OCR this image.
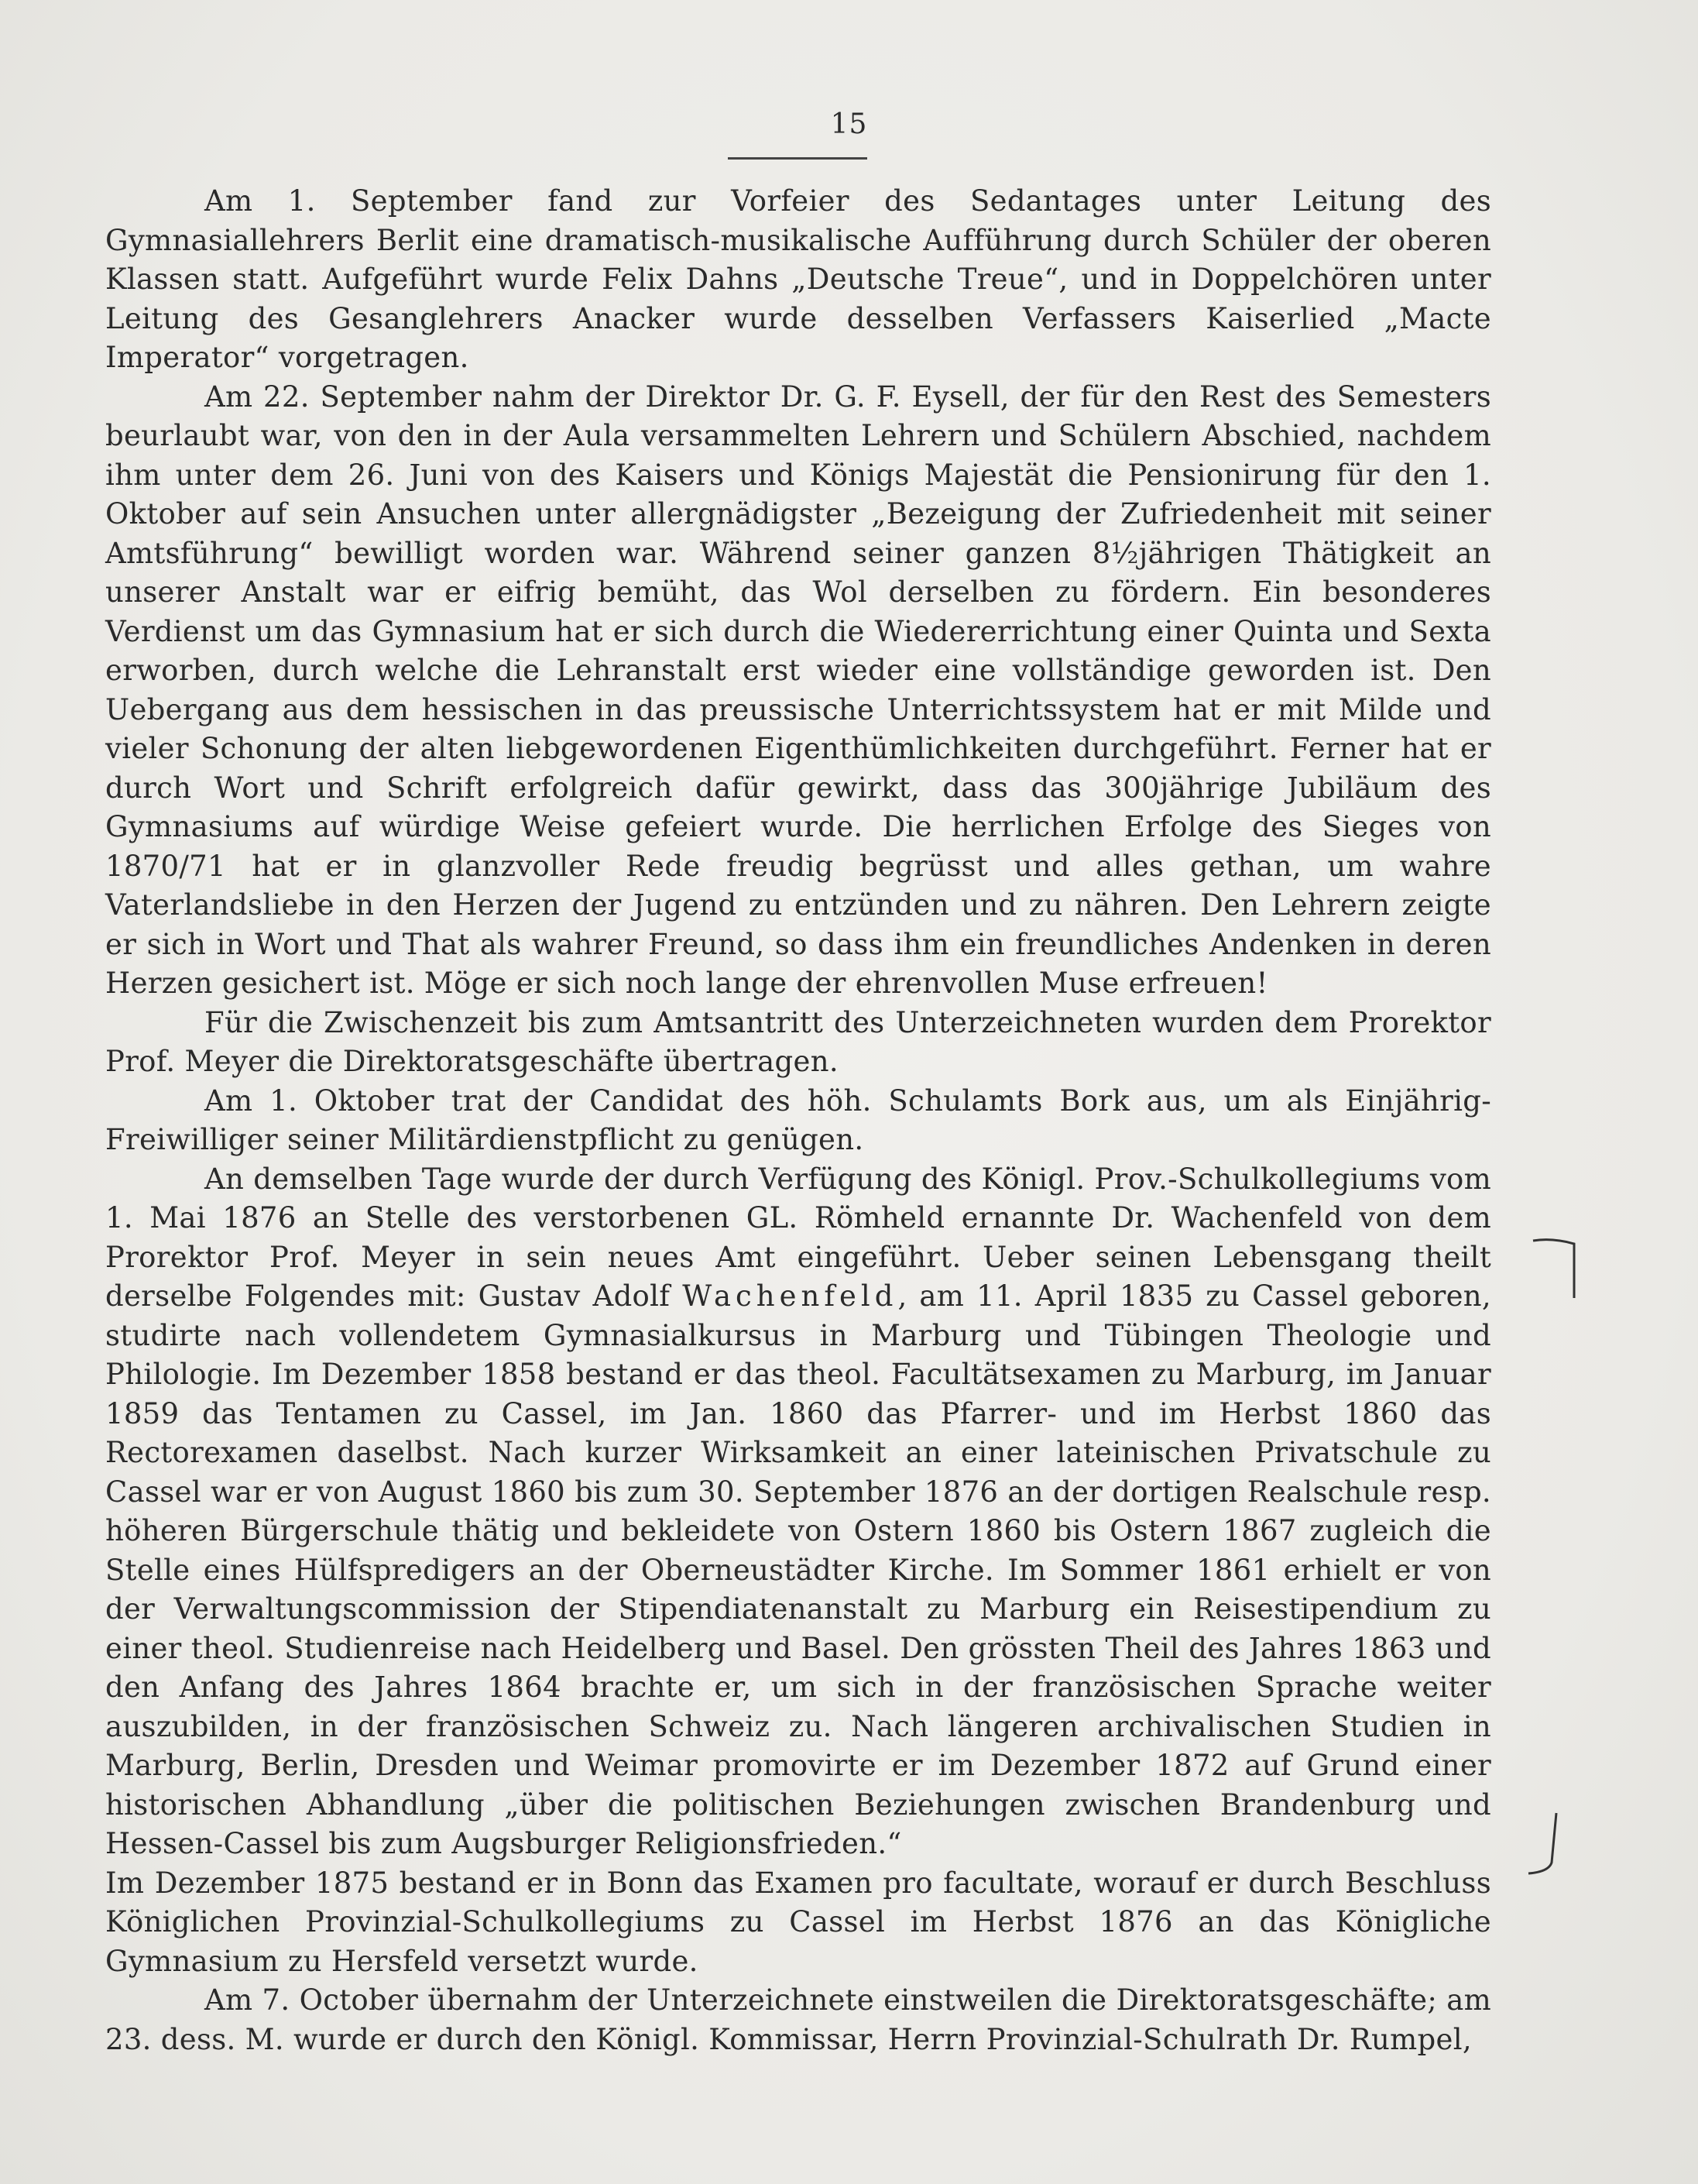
15

Am 1. September fand zur Vorfeier des Sedantages unter Leitung des Gymnasiallehrers Berlit eine dramatisch-musikalische Aufführung durch Schüler der oberen Klassen statt. Aufgeführt wurde Felix Dahns „Deutsche Treue“, und in Doppelchören unter Leitung des Gesanglehrers Anacker wurde desselben Verfassers Kaiserlied „Macte Imperator“ vorgetragen.

Am 22. September nahm der Direktor Dr. G. F. Eysell, der für den Rest des Semesters beurlaubt war, von den in der Aula versammelten Lehrern und Schülern Abschied, nachdem ihm unter dem 26. Juni von des Kaisers und Königs Majestät die Pensionirung für den 1. Oktober auf sein Ansuchen unter allergnädigster „Bezeigung der Zufriedenheit mit seiner Amtsführung“ bewilligt worden war. Während seiner ganzen 8½jährigen Thätigkeit an unserer Anstalt war er eifrig bemüht, das Wol derselben zu fördern. Ein besonderes Verdienst um das Gymnasium hat er sich durch die Wiedererrichtung einer Quinta und Sexta erworben, durch welche die Lehranstalt erst wieder eine vollständige geworden ist. Den Uebergang aus dem hessischen in das preussische Unterrichtssystem hat er mit Milde und vieler Schonung der alten liebgewordenen Eigenthümlichkeiten durchgeführt. Ferner hat er durch Wort und Schrift erfolgreich dafür gewirkt, dass das 300jährige Jubiläum des Gymnasiums auf würdige Weise gefeiert wurde. Die herrlichen Erfolge des Sieges von 1870/71 hat er in glanzvoller Rede freudig begrüsst und alles gethan, um wahre Vaterlandsliebe in den Herzen der Jugend zu entzünden und zu nähren. Den Lehrern zeigte er sich in Wort und That als wahrer Freund, so dass ihm ein freundliches Andenken in deren Herzen gesichert ist. Möge er sich noch lange der ehrenvollen Muse erfreuen!

Für die Zwischenzeit bis zum Amtsantritt des Unterzeichneten wurden dem Prorektor Prof. Meyer die Direktoratsgeschäfte übertragen.

Am 1. Oktober trat der Candidat des höh. Schulamts Bork aus, um als Einjährig-Freiwilliger seiner Militärdienstpflicht zu genügen.

An demselben Tage wurde der durch Verfügung des Königl. Prov.-Schulkollegiums vom 1. Mai 1876 an Stelle des verstorbenen GL. Römheld ernannte Dr. Wachenfeld von dem Prorektor Prof. Meyer in sein neues Amt eingeführt. Ueber seinen Lebensgang theilt derselbe Folgendes mit: Gustav Adolf Wachenfeld, am 11. April 1835 zu Cassel geboren, studirte nach vollendetem Gymnasialkursus in Marburg und Tübingen Theologie und Philologie. Im Dezember 1858 bestand er das theol. Facultätsexamen zu Marburg, im Januar 1859 das Tentamen zu Cassel, im Jan. 1860 das Pfarrer- und im Herbst 1860 das Rectorexamen daselbst. Nach kurzer Wirksamkeit an einer lateinischen Privatschule zu Cassel war er von August 1860 bis zum 30. September 1876 an der dortigen Realschule resp. höheren Bürgerschule thätig und bekleidete von Ostern 1860 bis Ostern 1867 zugleich die Stelle eines Hülfspredigers an der Oberneustädter Kirche. Im Sommer 1861 erhielt er von der Verwaltungscommission der Stipendiatenanstalt zu Marburg ein Reisestipendium zu einer theol. Studienreise nach Heidelberg und Basel. Den grössten Theil des Jahres 1863 und den Anfang des Jahres 1864 brachte er, um sich in der französischen Sprache weiter auszubilden, in der französischen Schweiz zu. Nach längeren archivalischen Studien in Marburg, Berlin, Dresden und Weimar promovirte er im Dezember 1872 auf Grund einer historischen Abhandlung „über die politischen Beziehungen zwischen Brandenburg und Hessen-Cassel bis zum Augsburger Religionsfrieden.“

Im Dezember 1875 bestand er in Bonn das Examen pro facultate, worauf er durch Beschluss Königlichen Provinzial-Schulkollegiums zu Cassel im Herbst 1876 an das Königliche Gymnasium zu Hersfeld versetzt wurde.

Am 7. October übernahm der Unterzeichnete einstweilen die Direktoratsgeschäfte; am 23. dess. M. wurde er durch den Königl. Kommissar, Herrn Provinzial-Schulrath Dr. Rumpel,
